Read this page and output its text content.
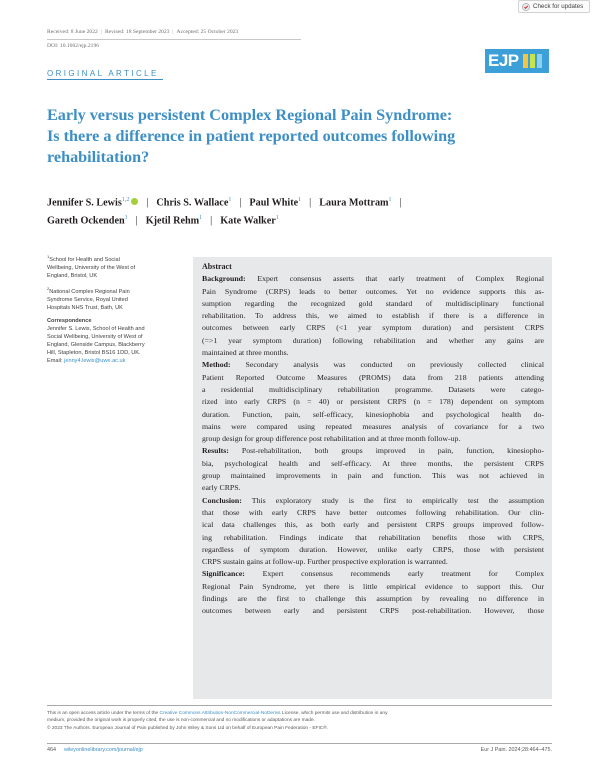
Check for updates
Received: 8 June 2022 | Revised: 18 September 2023 | Accepted: 25 October 2023
DOI: 10.1002/ejp.2196
EJP
ORIGINAL ARTICLE
Early versus persistent Complex Regional Pain Syndrome:
Is there a difference in patient reported outcomes following
rehabilitation?
Jennifer S. Lewis$^{1,2}$ | Chris S. Wallace$^1$ | Paul White$^1$ | Laura Mottram$^1$ |
Gareth Ockenden$^1$ | Kjetil Rehm$^1$ | Kate Walker$^1$
$^1$School for Health and Social
Wellbeing, University of the West of
England, Bristol, UK
$^2$National Complex Regional Pain
Syndrome Service, Royal United
Hospitals NHS Trust, Bath, UK
Correspondence
Jennifer S. Lewis, School of Health and
Social Wellbeing, University of West of
England, Glenside Campus, Blackberry
Hill, Stapleton, Bristol BS16 1DD, UK.
Email: jenny4.lewis@uwe.ac.uk
Abstract
Background: Expert consensus asserts that early treatment of Complex Regional
Pain Syndrome (CRPS) leads to better outcomes. Yet no evidence supports this as-
sumption regarding the recognized gold standard of multidisciplinary functional
rehabilitation. To address this, we aimed to establish if there is a difference in
outcomes between early CRPS (<1 year symptom duration) and persistent CRPS
(=>1 year symptom duration) following rehabilitation and whether any gains are
maintained at three months.
Method: Secondary analysis was conducted on previously collected clinical
Patient Reported Outcome Measures (PROMS) data from 218 patients attending
a residential multidisciplinary rehabilitation programme. Datasets were catego-
rized into early CRPS (n = 40) or persistent CRPS (n = 178) dependent on symptom
duration. Function, pain, self-efficacy, kinesiophobia and psychological health do-
mains were compared using repeated measures analysis of covariance for a two
group design for group difference post rehabilitation and at three month follow-up.
Results: Post-rehabilitation, both groups improved in pain, function, kinesiopho-
bia, psychological health and self-efficacy. At three months, the persistent CRPS
group maintained improvements in pain and function. This was not achieved in
early CRPS.
Conclusion: This exploratory study is the first to empirically test the assumption
that those with early CRPS have better outcomes following rehabilitation. Our clin-
ical data challenges this, as both early and persistent CRPS groups improved follow-
ing rehabilitation. Findings indicate that rehabilitation benefits those with CRPS,
regardless of symptom duration. However, unlike early CRPS, those with persistent
CRPS sustain gains at follow-up. Further prospective exploration is warranted.
Significance: Expert consensus recommends early treatment for Complex
Regional Pain Syndrome, yet there is little empirical evidence to support this. Our
findings are the first to challenge this assumption by revealing no difference in
outcomes between early and persistent CRPS post-rehabilitation. However, those
This is an open access article under the terms of the Creative Commons Attribution-NonCommercial-NoDerivs License, which permits use and distribution in any
medium, provided the original work is properly cited, the use is non-commercial and no modifications or adaptations are made.
© 2023 The Authors. European Journal of Pain published by John Wiley & Sons Ltd on behalf of European Pain Federation - EFIC®.
464 wileyonlinelibrary.com/journal/ejp	Eur J Pain. 2024;28:464–475.
